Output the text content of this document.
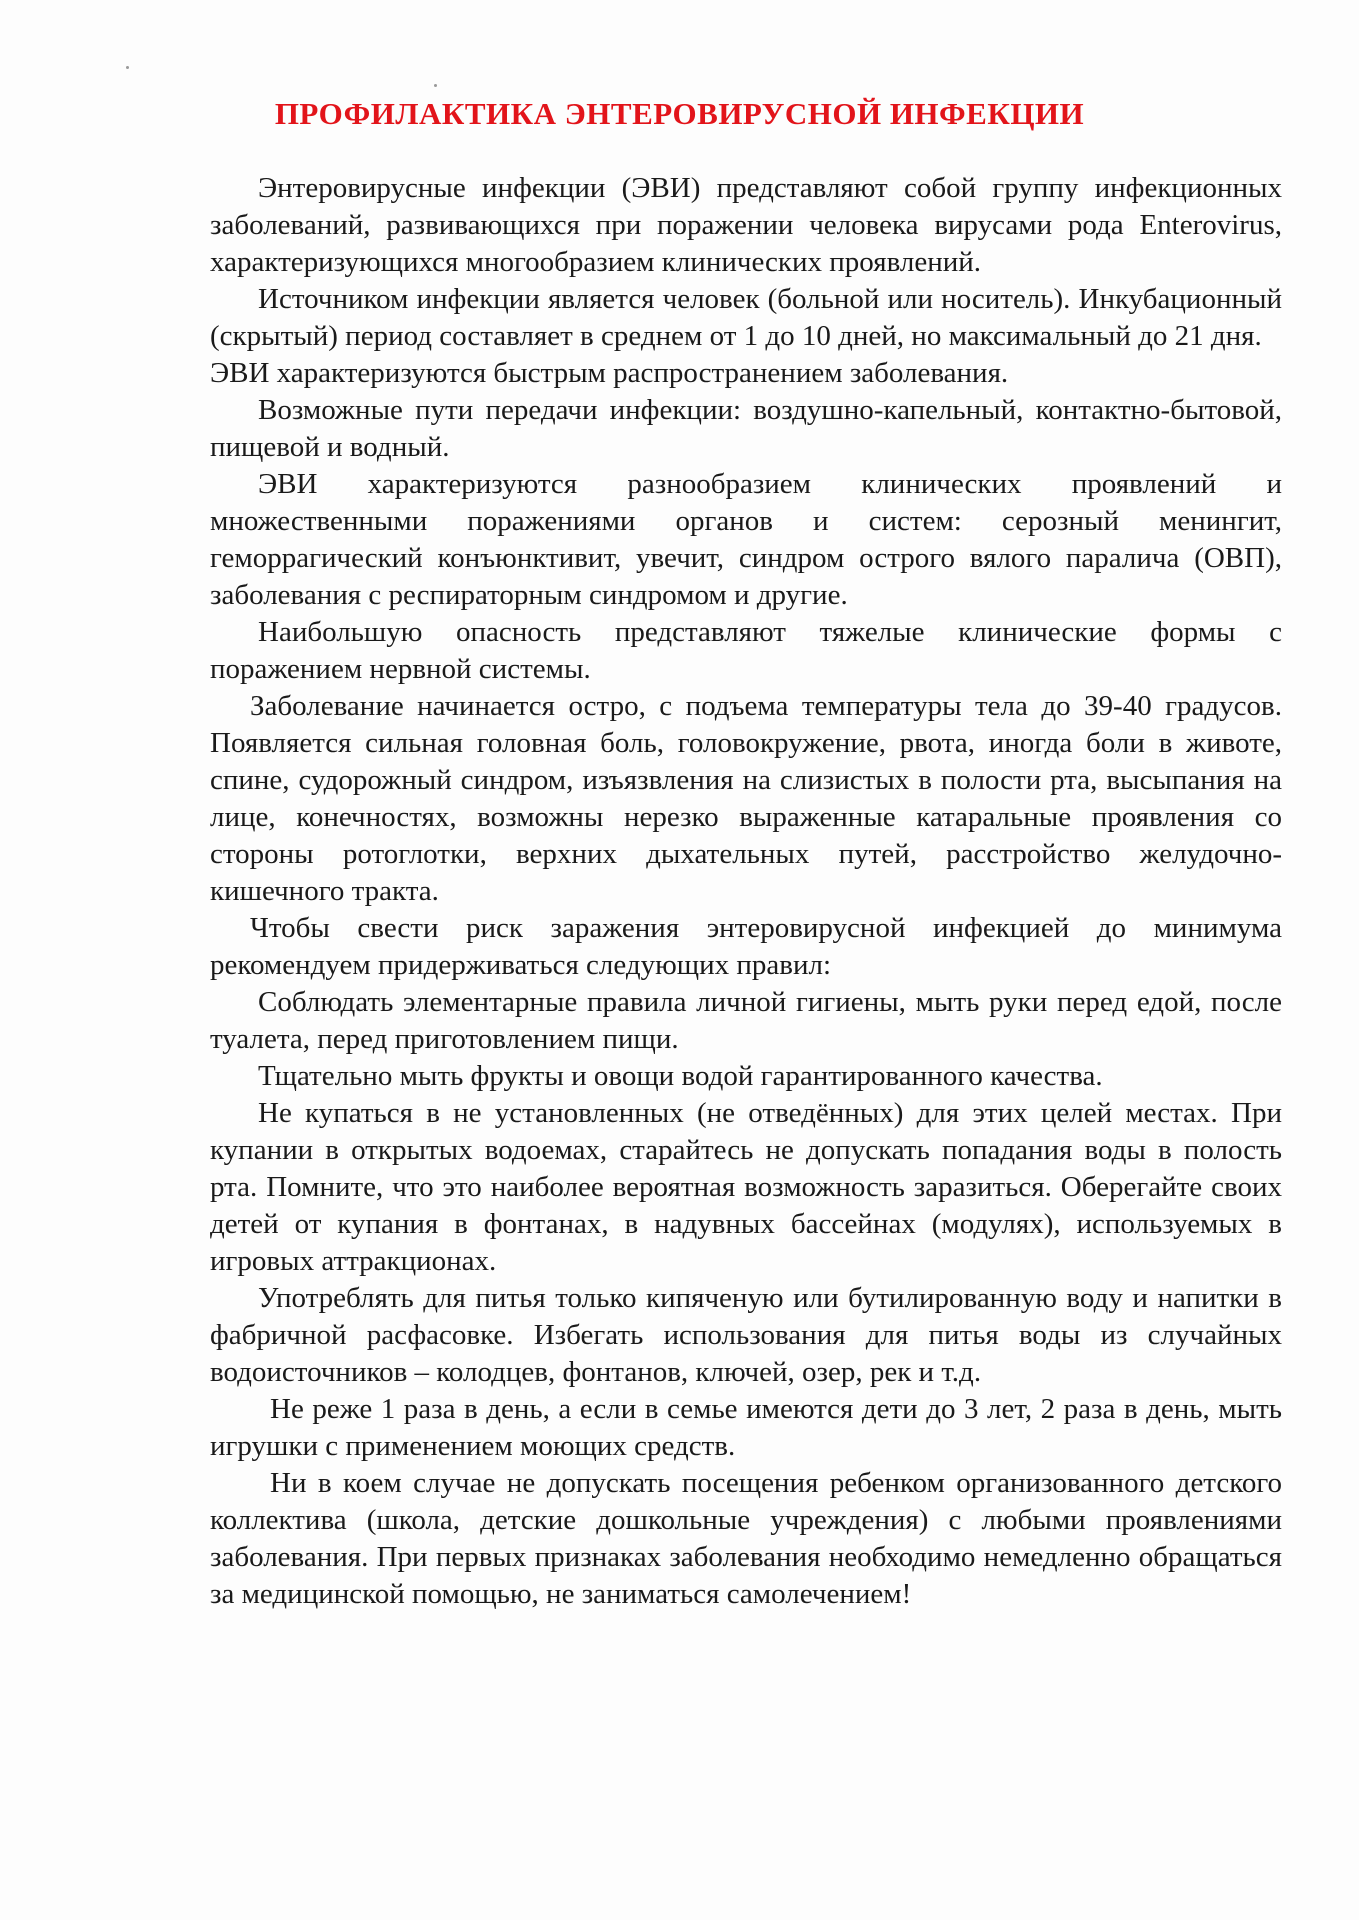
ПРОФИЛАКТИКА ЭНТЕРОВИРУСНОЙ ИНФЕКЦИИ

Энтеровирусные инфекции (ЭВИ) представляют собой группу инфекционных заболеваний, развивающихся при поражении человека вирусами рода Enterovirus, характеризующихся многообразием клинических проявлений.

Источником инфекции является человек (больной или носитель). Инкубационный (скрытый) период составляет в среднем от 1 до 10 дней, но максимальный до 21 дня.

ЭВИ характеризуются быстрым распространением заболевания.

Возможные пути передачи инфекции: воздушно-капельный, контактно-бытовой, пищевой и водный.

ЭВИ характеризуются разнообразием клинических проявлений и множественными поражениями органов и систем: серозный менингит, геморрагический конъюнктивит, увечит, синдром острого вялого паралича (ОВП), заболевания с респираторным синдромом и другие.

Наибольшую опасность представляют тяжелые клинические формы с поражением нервной системы.

Заболевание начинается остро, с подъема температуры тела до 39-40 градусов. Появляется сильная головная боль, головокружение, рвота, иногда боли в животе, спине, судорожный синдром, изъязвления на слизистых в полости рта, высыпания на лице, конечностях, возможны нерезко выраженные катаральные проявления со стороны ротоглотки, верхних дыхательных путей, расстройство желудочно-кишечного тракта.

Чтобы свести риск заражения энтеровирусной инфекцией до минимума рекомендуем придерживаться следующих правил:

Соблюдать элементарные правила личной гигиены, мыть руки перед едой, после туалета, перед приготовлением пищи.

Тщательно мыть фрукты и овощи водой гарантированного качества.

Не купаться в не установленных (не отведённых) для этих целей местах. При купании в открытых водоемах, старайтесь не допускать попадания воды в полость рта. Помните, что это наиболее вероятная возможность заразиться. Оберегайте своих детей от купания в фонтанах, в надувных бассейнах (модулях), используемых в игровых аттракционах.

Употреблять для питья только кипяченую или бутилированную воду и напитки в фабричной расфасовке. Избегать использования для питья воды из случайных водоисточников – колодцев, фонтанов, ключей, озер, рек и т.д.

Не реже 1 раза в день, а если в семье имеются дети до 3 лет, 2 раза в день, мыть игрушки с применением моющих средств.

Ни в коем случае не допускать посещения ребенком организованного детского коллектива (школа, детские дошкольные учреждения) с любыми проявлениями заболевания. При первых признаках заболевания необходимо немедленно обращаться за медицинской помощью, не заниматься самолечением!
